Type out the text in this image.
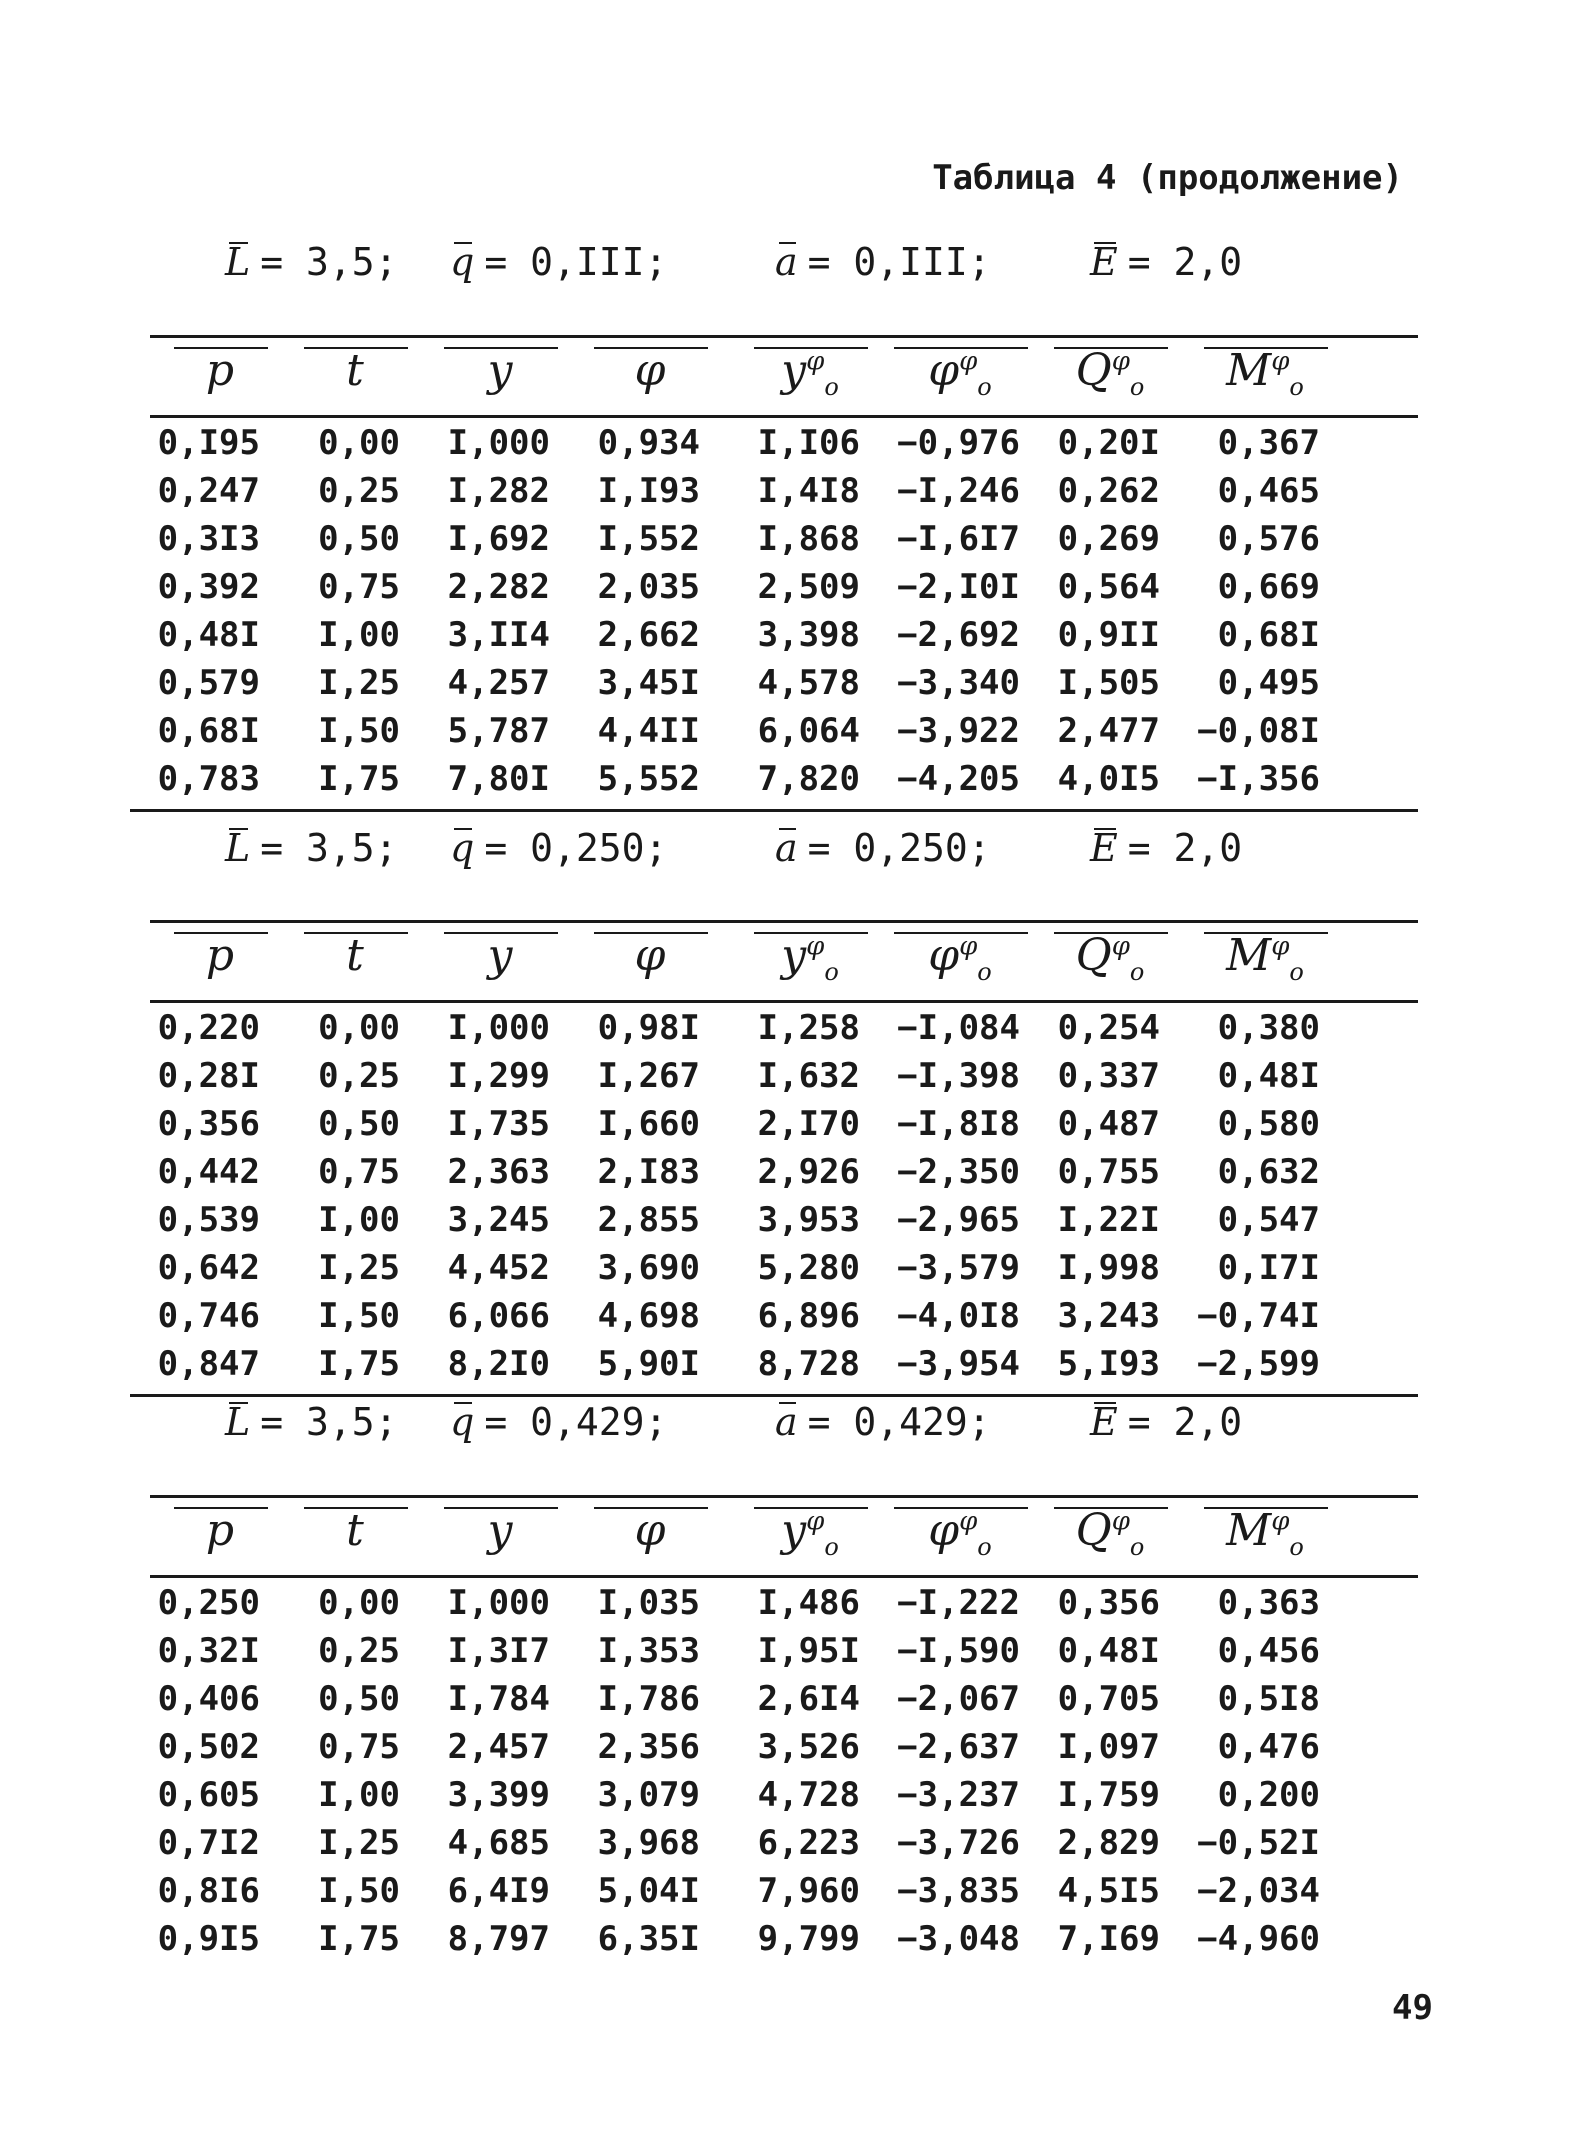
Таблица 4 (продолжение)
L = 3,5; q = 0,III;	a = 0,III;	E = 2,0
p	t	y	φ	$y^\varphi_o$	$\varphi^\varphi_o$	$Q^\varphi_o$	$M^\varphi_o$
0,I95	0,00	I,000	0,934	I,I06	−0,976	0,20I	0,367
0,247	0,25	I,282	I,I93	I,4I8	−I,246	0,262	0,465
0,3I3	0,50	I,692	I,552	I,868	−I,6I7	0,269	0,576
0,392	0,75	2,282	2,035	2,509	−2,I0I	0,564	0,669
0,48I	I,00	3,II4	2,662	3,398	−2,692	0,9II	0,68I
0,579	I,25	4,257	3,45I	4,578	−3,340	I,505	0,495
0,68I	I,50	5,787	4,4II	6,064	−3,922	2,477	−0,08I
0,783	I,75	7,80I	5,552	7,820	−4,205	4,0I5	−I,356
L = 3,5; q = 0,250;	a = 0,250;	E = 2,0
p	t	y	φ	$y^\varphi_o$	$\varphi^\varphi_o$	$Q^\varphi_o$	$M^\varphi_o$
0,220	0,00	I,000	0,98I	I,258	−I,084	0,254	0,380
0,28I	0,25	I,299	I,267	I,632	−I,398	0,337	0,48I
0,356	0,50	I,735	I,660	2,I70	−I,8I8	0,487	0,580
0,442	0,75	2,363	2,I83	2,926	−2,350	0,755	0,632
0,539	I,00	3,245	2,855	3,953	−2,965	I,22I	0,547
0,642	I,25	4,452	3,690	5,280	−3,579	I,998	0,I7I
0,746	I,50	6,066	4,698	6,896	−4,0I8	3,243	−0,74I
0,847	I,75	8,2I0	5,90I	8,728	−3,954	5,I93	−2,599
L = 3,5; q = 0,429;	a = 0,429;	E = 2,0
p	t	y	φ	$y^\varphi_o$	$\varphi^\varphi_o$	$Q^\varphi_o$	$M^\varphi_o$
0,250	0,00	I,000	I,035	I,486	−I,222	0,356	0,363
0,32I	0,25	I,3I7	I,353	I,95I	−I,590	0,48I	0,456
0,406	0,50	I,784	I,786	2,6I4	−2,067	0,705	0,5I8
0,502	0,75	2,457	2,356	3,526	−2,637	I,097	0,476
0,605	I,00	3,399	3,079	4,728	−3,237	I,759	0,200
0,7I2	I,25	4,685	3,968	6,223	−3,726	2,829	−0,52I
0,8I6	I,50	6,4I9	5,04I	7,960	−3,835	4,5I5	−2,034
0,9I5	I,75	8,797	6,35I	9,799	−3,048	7,I69	−4,960
49
